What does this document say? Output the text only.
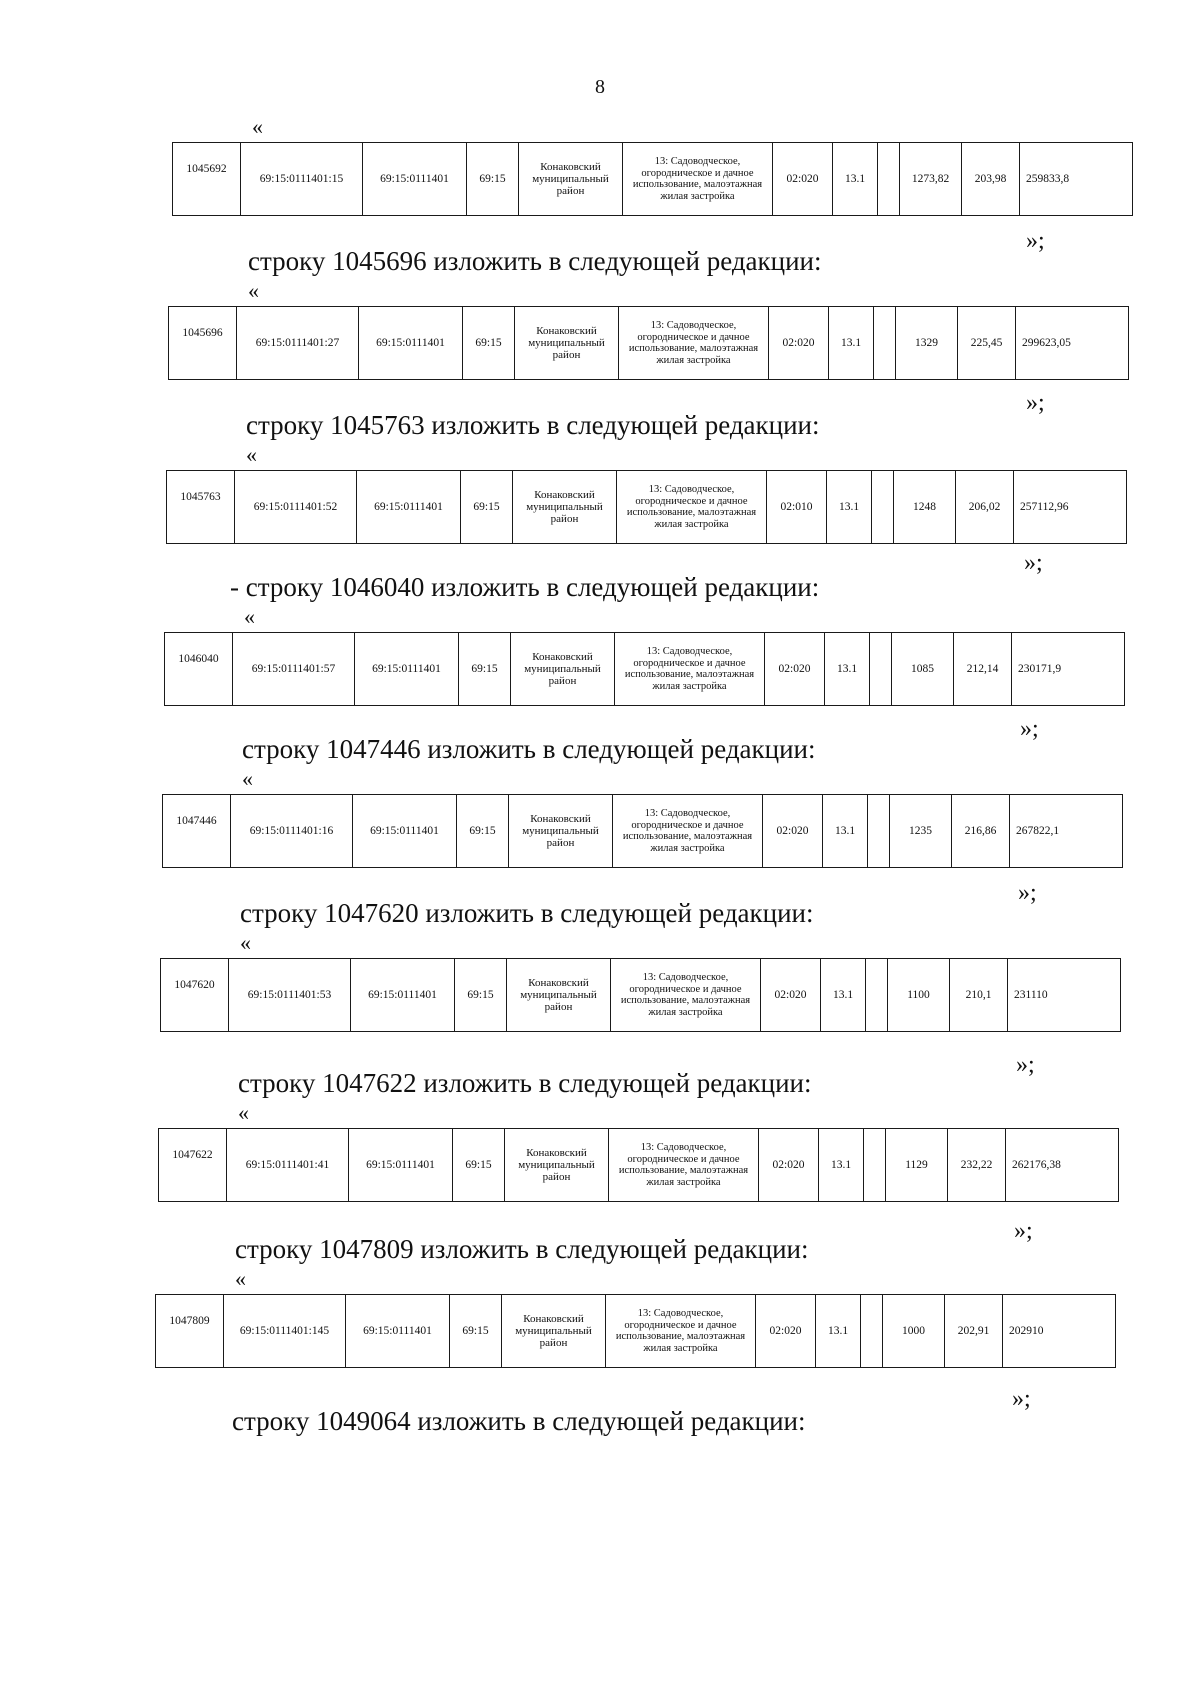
8
«
1045692	69:15:0111401:15	69:15:0111401	69:15	Конаковский муниципальный район	13: Садоводческое, огородническое и дачное использование, малоэтажная жилая застройка	02:020	13.1		1273,82	203,98	259833,8
»;
строку 1045696 изложить в следующей редакции:
«
1045696	69:15:0111401:27	69:15:0111401	69:15	Конаковский муниципальный район	13: Садоводческое, огородническое и дачное использование, малоэтажная жилая застройка	02:020	13.1		1329	225,45	299623,05
»;
строку 1045763 изложить в следующей редакции:
«
1045763	69:15:0111401:52	69:15:0111401	69:15	Конаковский муниципальный район	13: Садоводческое, огородническое и дачное использование, малоэтажная жилая застройка	02:010	13.1		1248	206,02	257112,96
»;
- строку 1046040 изложить в следующей редакции:
«
1046040	69:15:0111401:57	69:15:0111401	69:15	Конаковский муниципальный район	13: Садоводческое, огородническое и дачное использование, малоэтажная жилая застройка	02:020	13.1		1085	212,14	230171,9
»;
строку 1047446 изложить в следующей редакции:
«
1047446	69:15:0111401:16	69:15:0111401	69:15	Конаковский муниципальный район	13: Садоводческое, огородническое и дачное использование, малоэтажная жилая застройка	02:020	13.1		1235	216,86	267822,1
»;
строку 1047620 изложить в следующей редакции:
«
1047620	69:15:0111401:53	69:15:0111401	69:15	Конаковский муниципальный район	13: Садоводческое, огородническое и дачное использование, малоэтажная жилая застройка	02:020	13.1		1100	210,1	231110
»;
строку 1047622 изложить в следующей редакции:
«
1047622	69:15:0111401:41	69:15:0111401	69:15	Конаковский муниципальный район	13: Садоводческое, огородническое и дачное использование, малоэтажная жилая застройка	02:020	13.1		1129	232,22	262176,38
»;
строку 1047809 изложить в следующей редакции:
«
1047809	69:15:0111401:145	69:15:0111401	69:15	Конаковский муниципальный район	13: Садоводческое, огородническое и дачное использование, малоэтажная жилая застройка	02:020	13.1		1000	202,91	202910
»;
строку 1049064 изложить в следующей редакции:
